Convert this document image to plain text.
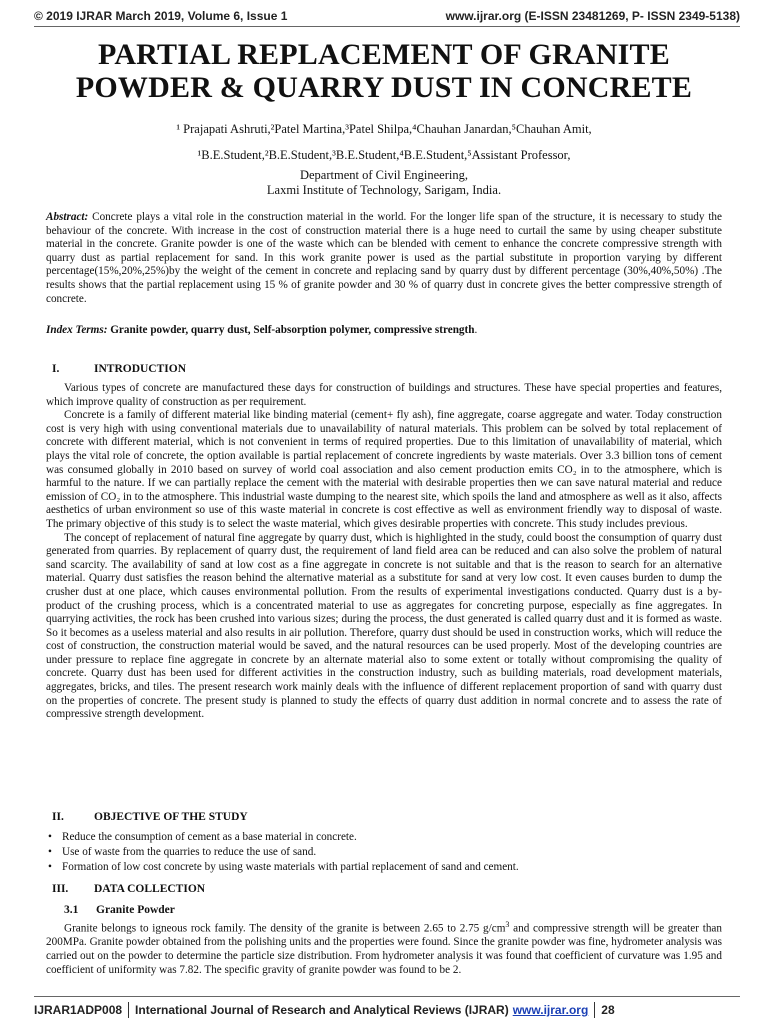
© 2019 IJRAR March 2019, Volume 6, Issue 1	www.ijrar.org (E-ISSN 23481269, P- ISSN 2349-5138)
PARTIAL REPLACEMENT OF GRANITE
POWDER & QUARRY DUST IN CONCRETE
¹ Prajapati Ashruti,²Patel Martina,³Patel Shilpa,⁴Chauhan Janardan,⁵Chauhan Amit,
¹B.E.Student,²B.E.Student,³B.E.Student,⁴B.E.Student,⁵Assistant Professor,
Department of Civil Engineering,
Laxmi Institute of Technology, Sarigam, India.

Abstract: Concrete plays a vital role in the construction material in the world. For the longer life span of the structure, it is necessary to study the behaviour of the concrete. With increase in the cost of construction material there is a huge need to curtail the same by using cheaper substitute material in the concrete. Granite powder is one of the waste which can be blended with cement to enhance the concrete compressive strength with quarry dust as partial replacement for sand. In this work granite power is used as the partial substitute in proportion varying by different percentage(15%,20%,25%)by the weight of the cement in concrete and replacing sand by quarry dust by different percentage (30%,40%,50%) .The results shows that the partial replacement using 15 % of granite powder and 30 % of quarry dust in concrete gives the better compressive strength of concrete.

Index Terms: Granite powder, quarry dust, Self-absorption polymer, compressive strength.

I.	INTRODUCTION

Various types of concrete are manufactured these days for construction of buildings and structures. These have special properties and features, which improve quality of construction as per requirement.

Concrete is a family of different material like binding material (cement+ fly ash), fine aggregate, coarse aggregate and water. Today construction cost is very high with using conventional materials due to unavailability of natural materials. This problem can be solved by total replacement of concrete with different material, which is not convenient in terms of required properties. Due to this limitation of unavailability of material, which plays the vital role of concrete, the option available is partial replacement of concrete ingredients by waste materials. Over 3.3 billion tons of cement was consumed globally in 2010 based on survey of world coal association and also cement production emits CO₂ in to the atmosphere, which is harmful to the nature. If we can partially replace the cement with the material with desirable properties then we can save natural material and reduce emission of CO₂ in to the atmosphere. This industrial waste dumping to the nearest site, which spoils the land and atmosphere as well as it also, affects aesthetics of urban environment so use of this waste material in concrete is cost effective as well as environment friendly way to disposal of waste. The primary objective of this study is to select the waste material, which gives desirable properties with concrete. This study includes previous.

The concept of replacement of natural fine aggregate by quarry dust, which is highlighted in the study, could boost the consumption of quarry dust generated from quarries. By replacement of quarry dust, the requirement of land field area can be reduced and can also solve the problem of natural sand scarcity. The availability of sand at low cost as a fine aggregate in concrete is not suitable and that is the reason to search for an alternative material. Quarry dust satisfies the reason behind the alternative material as a substitute for sand at very low cost. It even causes burden to dump the crusher dust at one place, which causes environmental pollution. From the results of experimental investigations conducted. Quarry dust is a by-product of the crushing process, which is a concentrated material to use as aggregates for concreting purpose, especially as fine aggregates. In quarrying activities, the rock has been crushed into various sizes; during the process, the dust generated is called quarry dust and it is formed as waste. So it becomes as a useless material and also results in air pollution. Therefore, quarry dust should be used in construction works, which will reduce the cost of construction, the construction material would be saved, and the natural resources can be used properly. Most of the developing countries are under pressure to replace fine aggregate in concrete by an alternate material also to some extent or totally without compromising the quality of concrete. Quarry dust has been used for different activities in the construction industry, such as building materials, road development materials, aggregates, bricks, and tiles. The present research work mainly deals with the influence of different replacement proportion of sand with quarry dust on the properties of concrete. The present study is planned to study the effects of quarry dust addition in normal concrete and to assess the rate of compressive strength development.

II.	OBJECTIVE OF THE STUDY
• Reduce the consumption of cement as a base material in concrete.
• Use of waste from the quarries to reduce the use of sand.
• Formation of low cost concrete by using waste materials with partial replacement of sand and cement.
III. DATA COLLECTION
3.1 Granite Powder

Granite belongs to igneous rock family. The density of the granite is between 2.65 to 2.75 $g/cm^3$ and compressive strength will be greater than 200MPa. Granite powder obtained from the polishing units and the properties were found. Since the granite powder was fine, hydrometer analysis was carried out on the powder to determine the particle size distribution. From hydrometer analysis it was found that coefficient of curvature was 1.95 and coefficient of uniformity was 7.82. The specific gravity of granite powder was found to be 2.

IJRAR1ADP008 International Journal of Research and Analytical Reviews (IJRAR) www.ijrar.org 28
